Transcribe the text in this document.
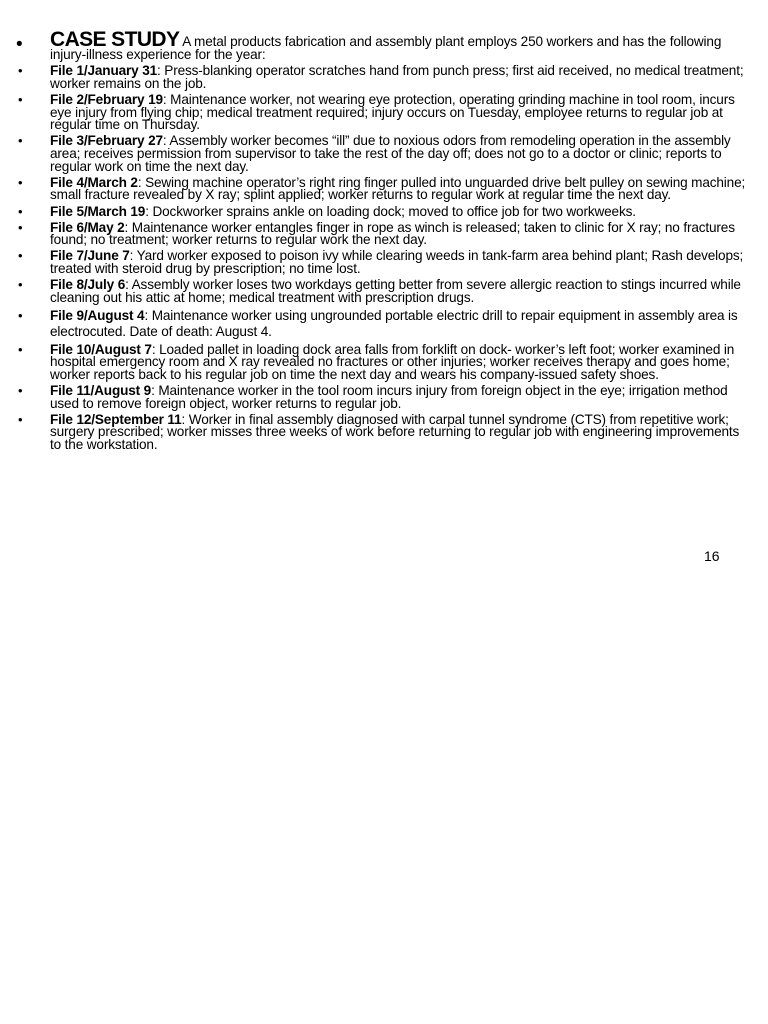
• CASE STUDY A metal products fabrication and assembly plant employs 250 workers and has the following injury-illness experience for the year:
• File 1/January 31: Press-blanking operator scratches hand from punch press; first aid received, no medical treatment; worker remains on the job.
• File 2/February 19: Maintenance worker, not wearing eye protection, operating grinding machine in tool room, incurs eye injury from flying chip; medical treatment required; injury occurs on Tuesday, employee returns to regular job at regular time on Thursday.
• File 3/February 27: Assembly worker becomes “ill” due to noxious odors from remodeling operation in the assembly area; receives permission from supervisor to take the rest of the day off; does not go to a doctor or clinic; reports to regular work on time the next day.
• File 4/March 2: Sewing machine operator’s right ring finger pulled into unguarded drive belt pulley on sewing machine; small fracture revealed by X ray; splint applied; worker returns to regular work at regular time the next day.
• File 5/March 19: Dockworker sprains ankle on loading dock; moved to office job for two workweeks.
• File 6/May 2: Maintenance worker entangles finger in rope as winch is released; taken to clinic for X ray; no fractures found; no treatment; worker returns to regular work the next day.
• File 7/June 7: Yard worker exposed to poison ivy while clearing weeds in tank-farm area behind plant; Rash develops; treated with steroid drug by prescription; no time lost.
• File 8/July 6: Assembly worker loses two workdays getting better from severe allergic reaction to stings incurred while cleaning out his attic at home; medical treatment with prescription drugs.
• File 9/August 4: Maintenance worker using ungrounded portable electric drill to repair equipment in assembly area is electrocuted. Date of death: August 4.
• File 10/August 7: Loaded pallet in loading dock area falls from forklift on dock- worker’s left foot; worker examined in hospital emergency room and X ray revealed no fractures or other injuries; worker receives therapy and goes home; worker reports back to his regular job on time the next day and wears his company-issued safety shoes.
• File 11/August 9: Maintenance worker in the tool room incurs injury from foreign object in the eye; irrigation method used to remove foreign object, worker returns to regular job.
• File 12/September 11: Worker in final assembly diagnosed with carpal tunnel syndrome (CTS) from repetitive work; surgery prescribed; worker misses three weeks of work before returning to regular job with engineering improvements to the workstation.
16
